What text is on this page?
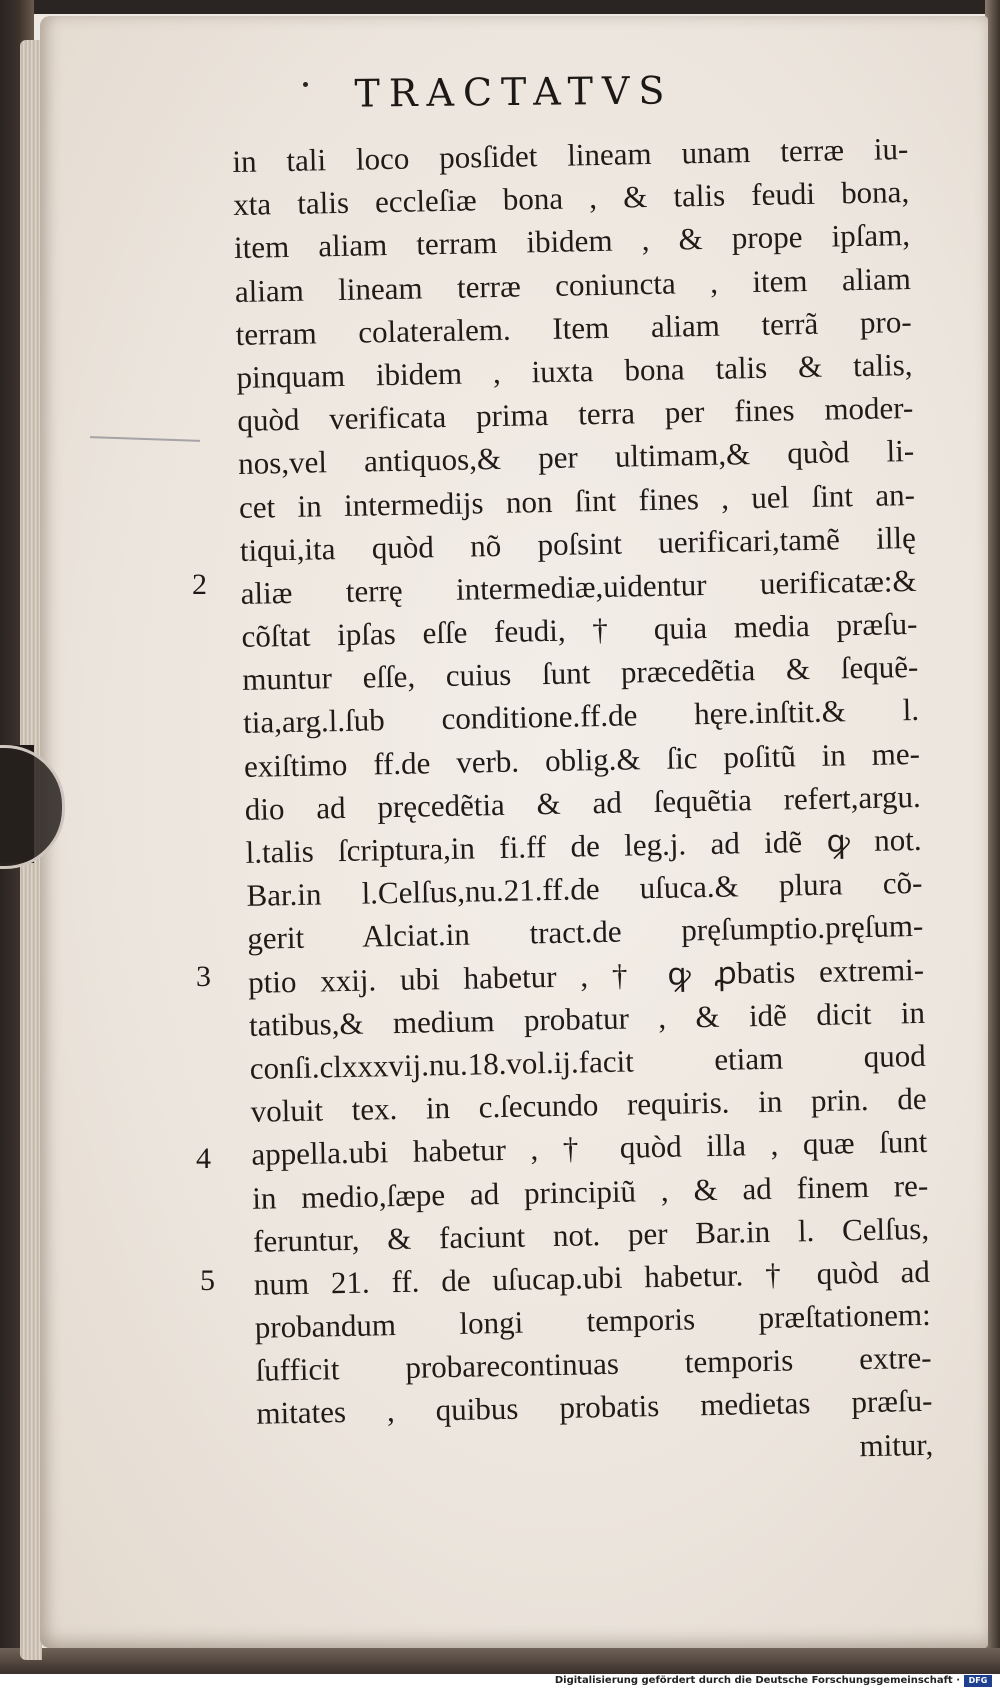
TRACTATVS
in tali loco posſidet lineam unam terræ iu-
xta talis eccleſiæ bona , & talis feudi bona,
item aliam terram ibidem , & prope ipſam,
aliam lineam terræ coniuncta , item aliam
terram colateralem. Item aliam terrã pro-
pinquam ibidem , iuxta bona talis & talis,
quòd verificata prima terra per fines moder-
nos,vel antiquos,& per ultimam,& quòd li-
cet in intermedijs non ſint fines , uel ſint an-
tiqui,ita quòd nõ poſsint uerificari,tamẽ illę
aliæ terrę intermediæ,uidentur uerificatæ:&
cõſtat ipſas eſſe feudi, † quia media præſu-
muntur eſſe, cuius ſunt præcedẽtia & ſequẽ-
tia,arg.l.ſub conditione.ff.de hęre.inſtit.& l.
exiſtimo ff.de verb. oblig.& ſic poſitũ in me-
dio ad pręcedẽtia & ad ſequẽtia refert,argu.
l.talis ſcriptura,in fi.ff de leg.j. ad idẽ ꝙ not.
Bar.in l.Celſus,nu.21.ff.de uſuca.& plura cõ-
gerit Alciat.in tract.de pręſumptio.pręſum-
ptio xxij. ubi habetur , † ꝙ ꝓbatis extremi-
tatibus,& medium probatur , & idẽ dicit in
conſi.clxxxvij.nu.18.vol.ij.facit etiam quod
voluit tex. in c.ſecundo requiris. in prin. de
appella.ubi habetur , † quòd illa , quæ ſunt
in medio,ſæpe ad principiũ , & ad finem re-
feruntur, & faciunt not. per Bar.in l. Celſus,
num 21. ff. de uſucap.ubi habetur. † quòd ad
probandum longi temporis præſtationem:
ſufficit probarecontinuas temporis extre-
mitates , quibus probatis medietas præſu-
mitur,
2
3
4
5
Digitalisierung gefördert durch die Deutsche Forschungsgemeinschaft ·	DFG
